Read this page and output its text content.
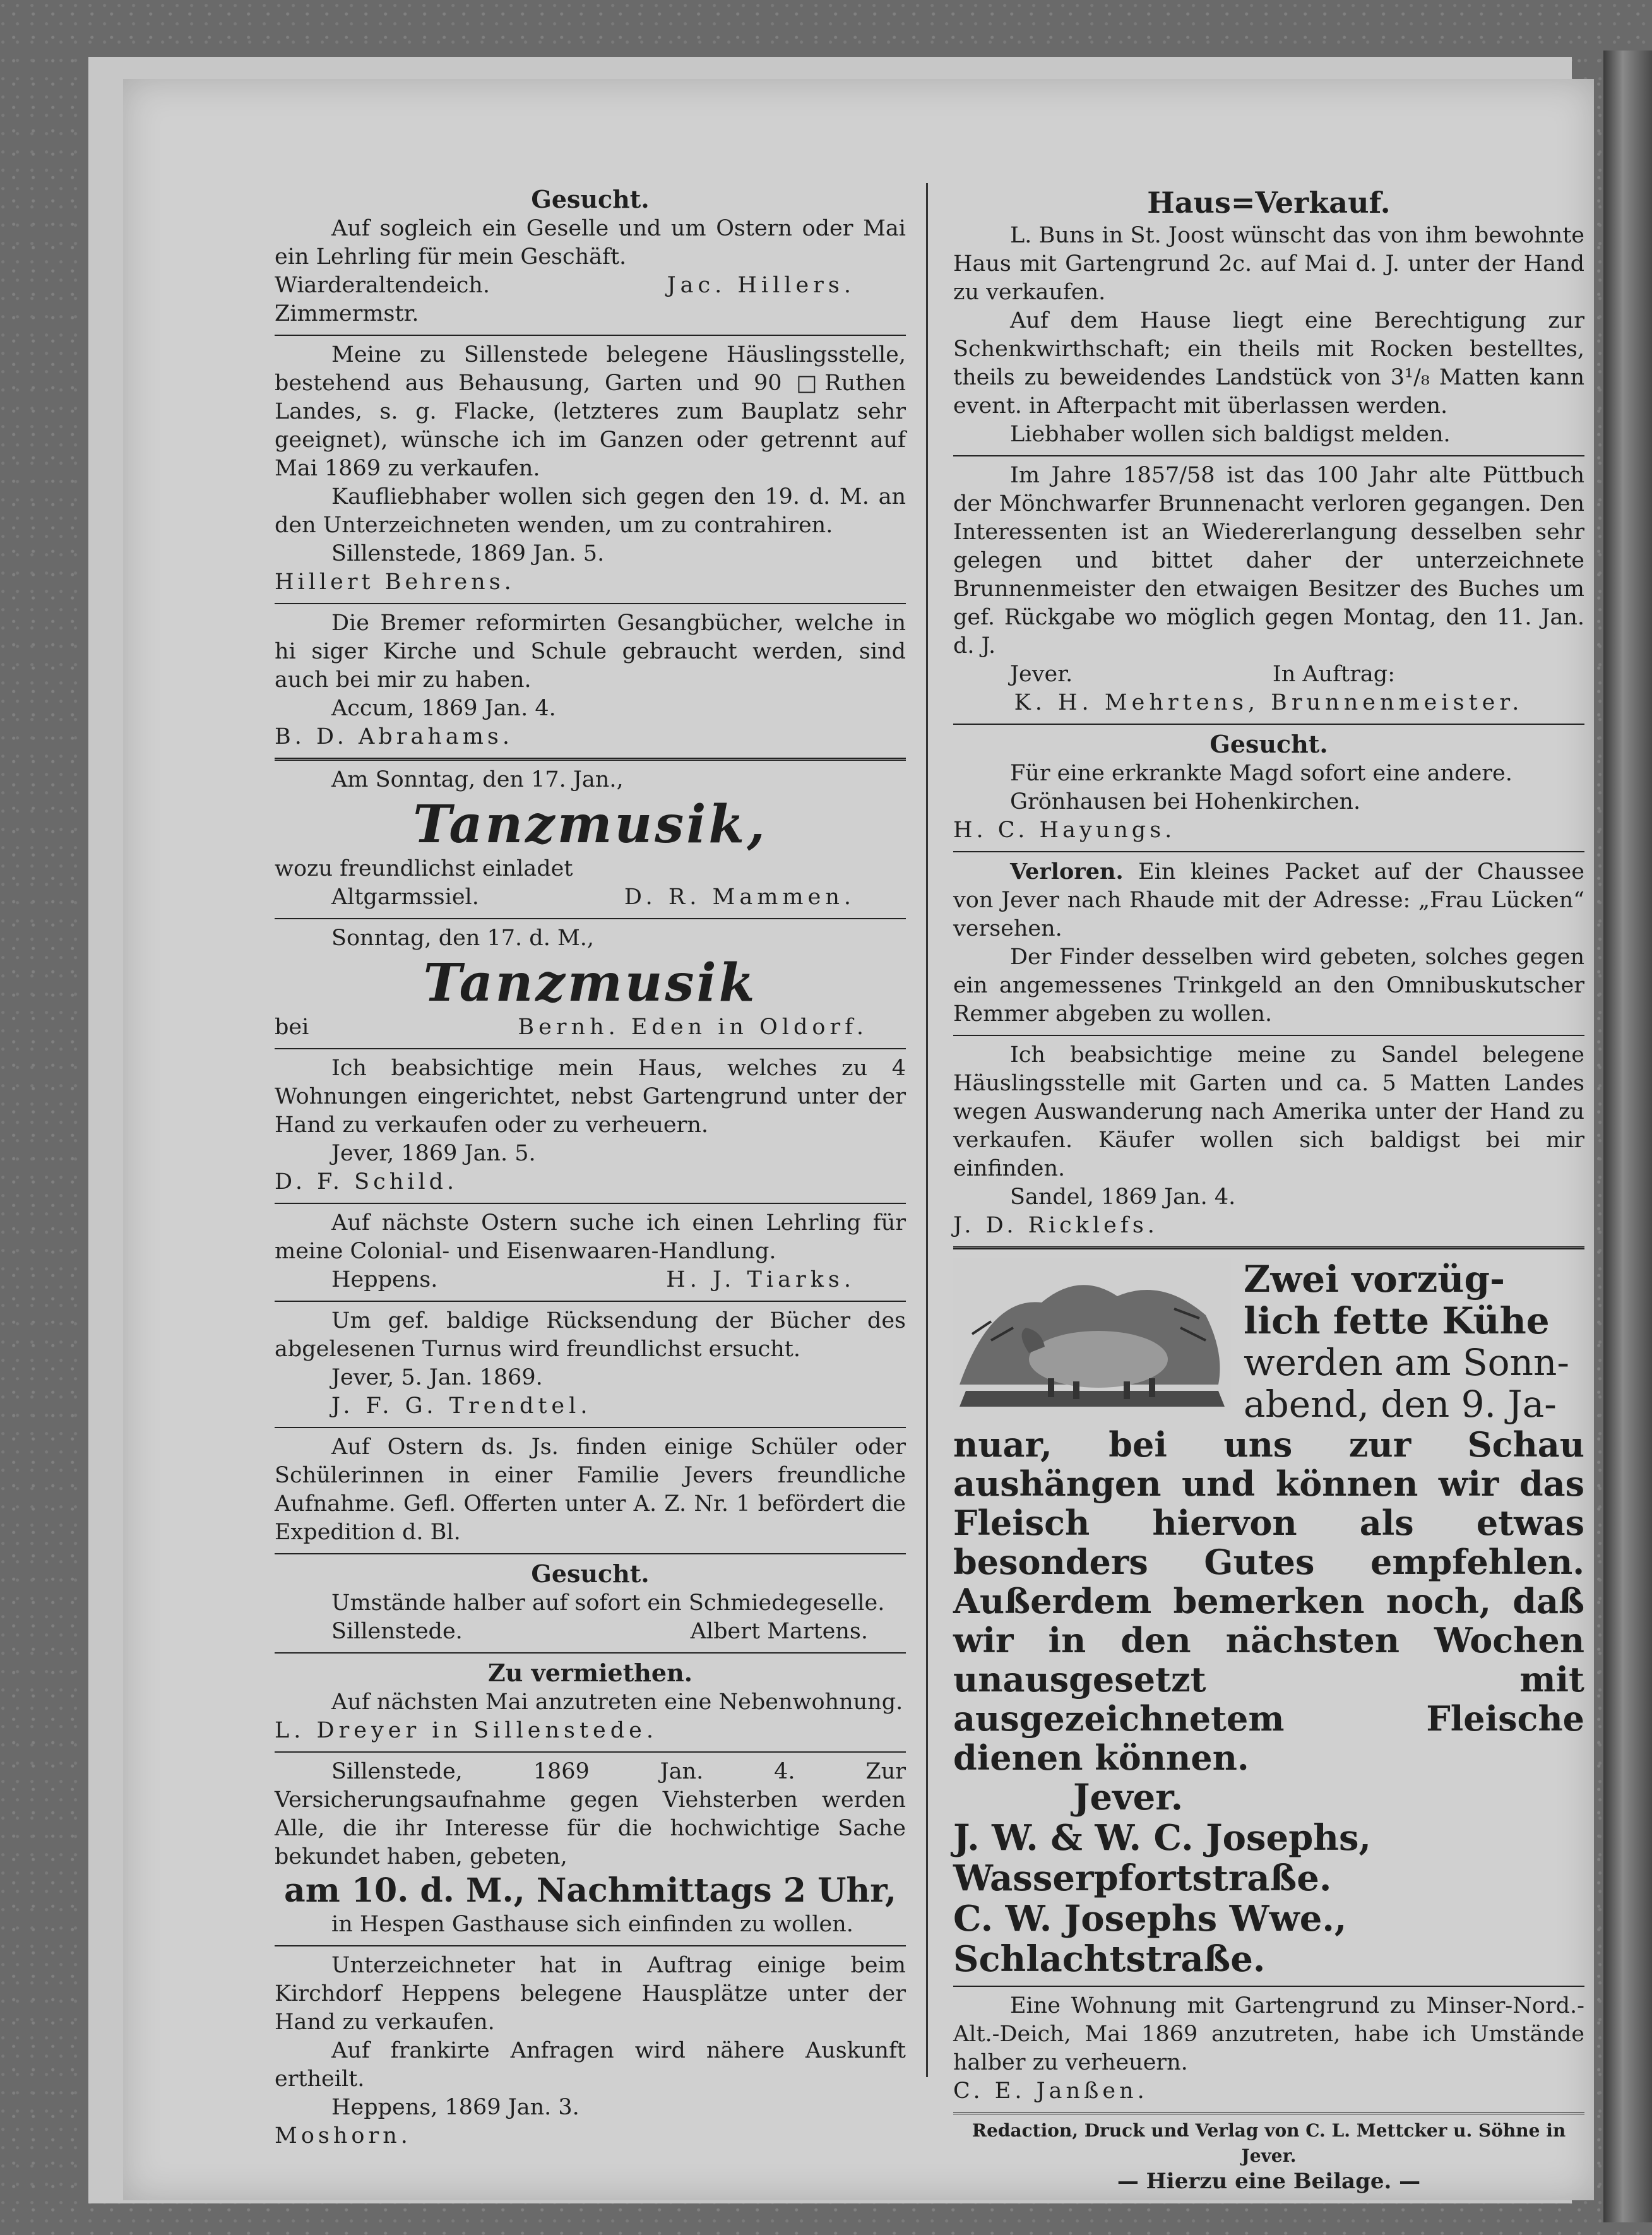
Gesucht.

Auf sogleich ein Geselle und um Ostern oder Mai ein Lehrling für mein Geschäft.

Wiarderaltendeich.	Jac. Hillers.

Zimmermstr.

Meine zu Sillenstede belegene Häuslingsstelle, bestehend aus Behausung, Garten und 90 □Ruthen Landes, s. g. Flacke, (letzteres zum Bauplatz sehr geeignet), wünsche ich im Ganzen oder getrennt auf Mai 1869 zu verkaufen.

Kaufliebhaber wollen sich gegen den 19. d. M. an den Unterzeichneten wenden, um zu contrahiren.

Sillenstede, 1869 Jan. 5.

Hillert Behrens.

Die Bremer reformirten Gesangbücher, welche in hi siger Kirche und Schule gebraucht werden, sind auch bei mir zu haben.

Accum, 1869 Jan. 4.

B. D. Abrahams.

Am Sonntag, den 17. Jan.,

Tanzmusik,

wozu freundlichst einladet

Altgarmssiel.	D. R. Mammen.

Sonntag, den 17. d. M.,

Tanzmusik
bei	Bernh. Eden in Oldorf.

Ich beabsichtige mein Haus, welches zu 4 Wohnungen eingerichtet, nebst Gartengrund unter der Hand zu verkaufen oder zu verheuern.

Jever, 1869 Jan. 5.

D. F. Schild.

Auf nächste Ostern suche ich einen Lehrling für meine Colonial- und Eisenwaaren-Handlung.

Heppens.	H. J. Tiarks.

Um gef. baldige Rücksendung der Bücher des abgelesenen Turnus wird freundlichst ersucht.

Jever, 5. Jan. 1869.

J. F. G. Trendtel.

Auf Ostern ds. Js. finden einige Schüler oder Schülerinnen in einer Familie Jevers freundliche Aufnahme. Gefl. Offerten unter A. Z. Nr. 1 befördert die Expedition d. Bl.

Gesucht.

Umstände halber auf sofort ein Schmiedegeselle.

Sillenstede.	Albert Martens.
Zu vermiethen.

Auf nächsten Mai anzutreten eine Nebenwohnung.

L. Dreyer in Sillenstede.

Sillenstede, 1869 Jan. 4. Zur Versicherungsaufnahme gegen Viehsterben werden Alle, die ihr Interesse für die hochwichtige Sache bekundet haben, gebeten,

am 10. d. M., Nachmittags 2 Uhr,

in Hespen Gasthause sich einfinden zu wollen.

Unterzeichneter hat in Auftrag einige beim Kirchdorf Heppens belegene Hausplätze unter der Hand zu verkaufen.

Auf frankirte Anfragen wird nähere Auskunft ertheilt.

Heppens, 1869 Jan. 3.

Moshorn.

Haus=Verkauf.

L. Buns in St. Joost wünscht das von ihm bewohnte Haus mit Gartengrund 2c. auf Mai d. J. unter der Hand zu verkaufen.

Auf dem Hause liegt eine Berechtigung zur Schenkwirthschaft; ein theils mit Rocken bestelltes, theils zu beweidendes Landstück von 3¹/₈ Matten kann event. in Afterpacht mit überlassen werden.

Liebhaber wollen sich baldigst melden.

Im Jahre 1857/58 ist das 100 Jahr alte Püttbuch der Mönchwarfer Brunnenacht verloren gegangen. Den Interessenten ist an Wiedererlangung desselben sehr gelegen und bittet daher der unterzeichnete Brunnenmeister den etwaigen Besitzer des Buches um gef. Rückgabe wo möglich gegen Montag, den 11. Jan. d. J.

Jever.	In Auftrag:

K. H. Mehrtens, Brunnenmeister.

Gesucht.

Für eine erkrankte Magd sofort eine andere.

Grönhausen bei Hohenkirchen.

H. C. Hayungs.

Verloren. Ein kleines Packet auf der Chaussee von Jever nach Rhaude mit der Adresse: „Frau Lücken“ versehen.

Der Finder desselben wird gebeten, solches gegen ein angemessenes Trinkgeld an den Omnibuskutscher Remmer abgeben zu wollen.

Ich beabsichtige meine zu Sandel belegene Häuslingsstelle mit Garten und ca. 5 Matten Landes wegen Auswanderung nach Amerika unter der Hand zu verkaufen. Käufer wollen sich baldigst bei mir einfinden.

Sandel, 1869 Jan. 4.

J. D. Ricklefs.

Zwei vorzüg-
lich fette Kühe
werden am Sonn-
abend, den 9. Ja-

nuar, bei uns zur Schau aushängen und können wir das Fleisch hiervon als etwas besonders Gutes empfehlen. Außerdem bemerken noch, daß wir in den nächsten Wochen unausgesetzt mit ausgezeichnetem Fleische dienen können.

Jever.

J. W. & W. C. Josephs,

Wasserpfortstraße.

C. W. Josephs Wwe.,

Schlachtstraße.

Eine Wohnung mit Gartengrund zu Minser-Nord.-Alt.-Deich, Mai 1869 anzutreten, habe ich Umstände halber zu verheuern.

C. E. Janßen.

Redaction, Druck und Verlag von C. L. Mettcker u. Söhne in Jever.
— Hierzu eine Beilage. —
